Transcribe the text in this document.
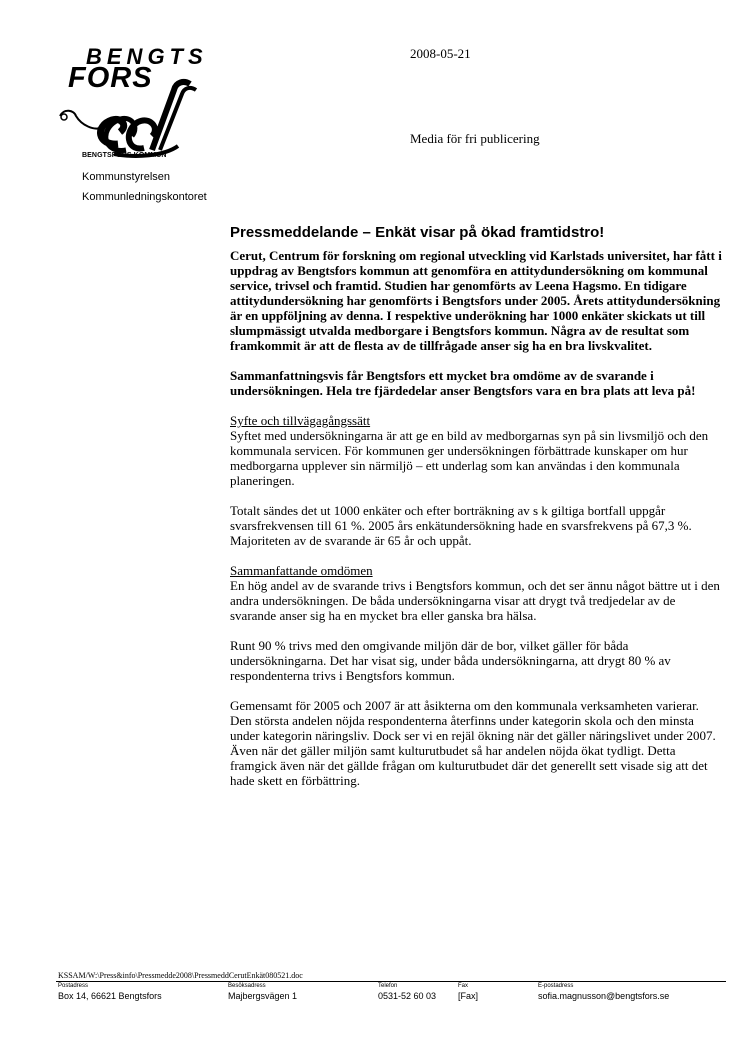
BENGTS
FORS
BENGTSFORS KOMMUN
Kommunstyrelsen
Kommunledningskontoret
2008-05-21
Media för fri publicering
Pressmeddelande – Enkät visar på ökad framtidstro!

Cerut, Centrum för forskning om regional utveckling vid Karlstads universitet, har fått i uppdrag av Bengtsfors kommun att genomföra en attitydundersökning om kommunal service, trivsel och framtid. Studien har genomförts av Leena Hagsmo. En tidigare attitydundersökning har genomförts i Bengtsfors under 2005. Årets attitydundersökning är en uppföljning av denna. I respektive underökning har 1000 enkäter skickats ut till slumpmässigt utvalda medborgare i Bengtsfors kommun. Några av de resultat som framkommit är att de flesta av de tillfrågade anser sig ha en bra livskvalitet.

Sammanfattningsvis får Bengtsfors ett mycket bra omdöme av de svarande i undersökningen. Hela tre fjärdedelar anser Bengtsfors vara en bra plats att leva på!

Syfte och tillvägagångssätt

Syftet med undersökningarna är att ge en bild av medborgarnas syn på sin livsmiljö och den kommunala servicen. För kommunen ger undersökningen förbättrade kunskaper om hur medborgarna upplever sin närmiljö – ett underlag som kan användas i den kommunala planeringen.

Totalt sändes det ut 1000 enkäter och efter borträkning av s k giltiga bortfall uppgår svarsfrekvensen till 61 %. 2005 års enkätundersökning hade en svarsfrekvens på 67,3 %. Majoriteten av de svarande är 65 år och uppåt.

Sammanfattande omdömen

En hög andel av de svarande trivs i Bengtsfors kommun, och det ser ännu något bättre ut i den andra undersökningen. De båda undersökningarna visar att drygt två tredjedelar av de svarande anser sig ha en mycket bra eller ganska bra hälsa.

Runt 90 % trivs med den omgivande miljön där de bor, vilket gäller för båda undersökningarna. Det har visat sig, under båda undersökningarna, att drygt 80 % av respondenterna trivs i Bengtsfors kommun.

Gemensamt för 2005 och 2007 är att åsikterna om den kommunala verksamheten varierar. Den största andelen nöjda respondenterna återfinns under kategorin skola och den minsta under kategorin näringsliv. Dock ser vi en rejäl ökning när det gäller näringslivet under 2007. Även när det gäller miljön samt kulturutbudet så har andelen nöjda ökat tydligt. Detta framgick även när det gällde frågan om kulturutbudet där det generellt sett visade sig att det hade skett en förbättring.

KSSAM/W:\Press&info\Pressmedde2008\PressmeddCerutEnkät080521.doc
Postadress
Box 14, 66621 Bengtsfors
Besöksadress
Majbergsvägen 1
Telefon
0531-52 60 03
Fax
[Fax]
E-postadress
sofia.magnusson@bengtsfors.se
